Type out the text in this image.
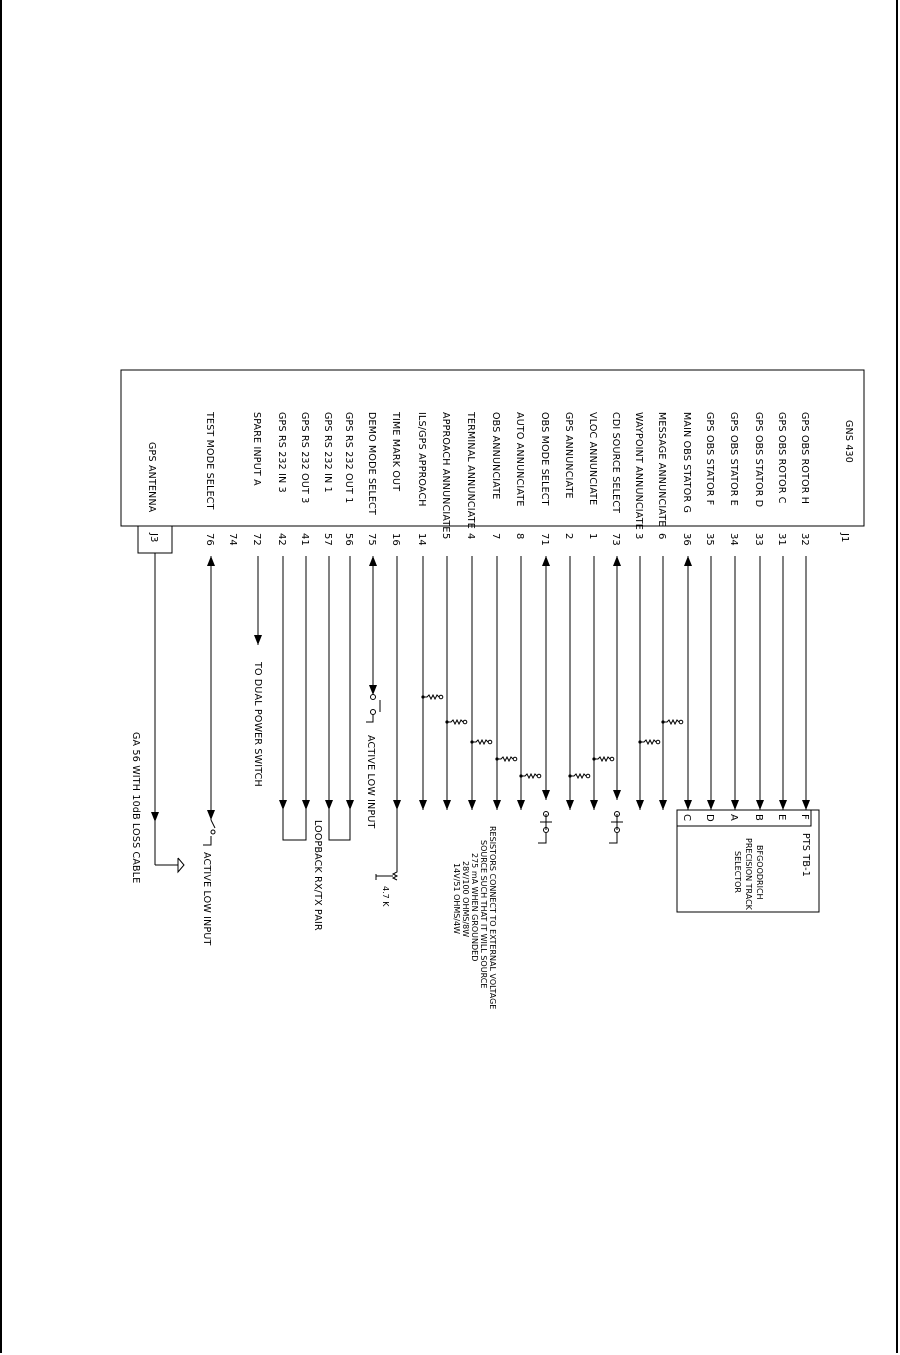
GNS 430
J1
J3
GPS ANTENNA
GA 56 WITH 10dB LOSS CABLE
GPS OBS ROTOR H
32
GPS OBS ROTOR C
31
GPS OBS STATOR D
33
GPS OBS STATOR E
34
GPS OBS STATOR F
35
MAIN OBS STATOR G
36
MESSAGE ANNUNCIATE
6
WAYPOINT ANNUNCIATE
3
CDI SOURCE SELECT
73
VLOC ANNUNCIATE
1
GPS ANNUNCIATE
2
OBS MODE SELECT
71
AUTO ANNUNCIATE
8
OBS ANNUNCIATE
7
TERMINAL ANNUNCIATE
4
APPROACH ANNUNCIATE
5
ILS/GPS APPROACH
14
TIME MARK OUT
16
DEMO MODE SELECT
75
GPS RS 232 OUT 1
56
GPS RS 232 IN 1
57
GPS RS 232 OUT 3
41
GPS RS 232 IN 3
42
SPARE INPUT A
72
74
TEST MODE SELECT
76
F
E
B
A
D
C
PTS TB-1
BFGOODRICH
PRECISION TRACK
SELECTOR
TO DUAL POWER SWITCH	ACTIVE LOW INPUT
ACTIVE LOW INPUT	LOOPBACK RX/TX PAIR	4.7 K	RESISTORS CONNECT TO EXTERNAL VOLTAGE
SOURCE SUCH THAT IT WILL SOURCE
275 mA WHEN GROUNDED
28V/100 OHMS/8W
14V/51 OHMS/4W
